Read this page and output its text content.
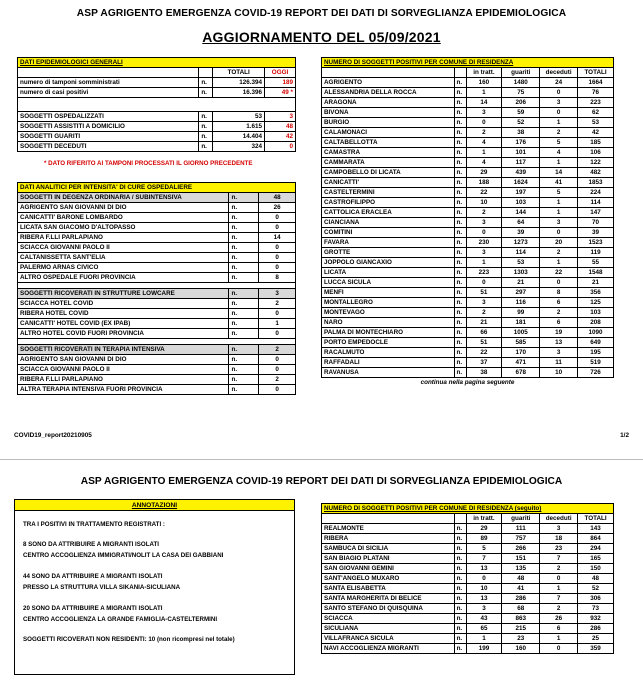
ASP AGRIGENTO EMERGENZA COVID-19 REPORT DEI DATI DI SORVEGLIANZA EPIDEMIOLOGICA
AGGIORNAMENTO DEL 05/09/2021
DATI EPIDEMIOLOGICI GENERALI			
		TOTALI	OGGI
numero di tamponi somministrati	n.	126.394	189
numero di casi positivi	n.	16.396	49 *

SOGGETTI OSPEDALIZZATI	n.	53	3
SOGGETTI ASSISTITI A DOMICILIO	n.	1.615	48
SOGGETTI GUARITI	n.	14.404	42
SOGGETTI DECEDUTI	n.	324	0
* DATO RIFERITO AI TAMPONI PROCESSATI IL GIORNO PRECEDENTE
DATI ANALITICI PER INTENSITA' DI CURE OSPEDALIERE		
SOGGETTI IN DEGENZA ORDINARIA / SUBINTENSIVA	n.	48
AGRIGENTO SAN GIOVANNI DI DIO	n.	26
CANICATTI' BARONE LOMBARDO	n.	0
LICATA SAN GIACOMO D'ALTOPASSO	n.	0
RIBERA F.LLI PARLAPIANO	n.	14
SCIACCA GIOVANNI PAOLO II	n.	0
CALTANISSETTA SANT'ELIA	n.	0
PALERMO ARNAS CIVICO	n.	0
ALTRO OSPEDALE FUORI PROVINCIA	n.	8

SOGGETTI RICOVERATI IN STRUTTURE LOWCARE	n.	3
SCIACCA HOTEL COVID	n.	2
RIBERA HOTEL COVID	n.	0
CANICATTI' HOTEL COVID (EX IPAB)	n.	1
ALTRO HOTEL COVID FUORI PROVINCIA	n.	0

SOGGETTI RICOVERATI IN TERAPIA INTENSIVA	n.	2
AGRIGENTO SAN GIOVANNI DI DIO	n.	0
SCIACCA GIOVANNI PAOLO II	n.	0
RIBERA F.LLI PARLAPIANO	n.	2
ALTRA TERAPIA INTENSIVA FUORI PROVINCIA	n.	0
NUMERO DI SOGGETTI POSITIVI PER COMUNE DI RESIDENZA					
		in tratt.	guariti	deceduti	TOTALI
AGRIGENTO	n.	160	1480	24	1664
ALESSANDRIA DELLA ROCCA	n.	1	75	0	76
ARAGONA	n.	14	206	3	223
BIVONA	n.	3	59	0	62
BURGIO	n.	0	52	1	53
CALAMONACI	n.	2	38	2	42
CALTABELLOTTA	n.	4	176	5	185
CAMASTRA	n.	1	101	4	106
CAMMARATA	n.	4	117	1	122
CAMPOBELLO DI LICATA	n.	29	439	14	482
CANICATTI'	n.	188	1624	41	1853
CASTELTERMINI	n.	22	197	5	224
CASTROFILIPPO	n.	10	103	1	114
CATTOLICA ERACLEA	n.	2	144	1	147
CIANCIANA	n.	3	64	3	70
COMITINI	n.	0	39	0	39
FAVARA	n.	230	1273	20	1523
GROTTE	n.	3	114	2	119
JOPPOLO GIANCAXIO	n.	1	53	1	55
LICATA	n.	223	1303	22	1548
LUCCA SICULA	n.	0	21	0	21
MENFI	n.	51	297	8	356
MONTALLEGRO	n.	3	116	6	125
MONTEVAGO	n.	2	99	2	103
NARO	n.	21	181	6	208
PALMA DI MONTECHIARO	n.	66	1005	19	1090
PORTO EMPEDOCLE	n.	51	585	13	649
RACALMUTO	n.	22	170	3	195
RAFFADALI	n.	37	471	11	519
RAVANUSA	n.	38	678	10	726
continua nella pagina seguente					
COVID19_report20210905	1/2
ASP AGRIGENTO EMERGENZA COVID-19 REPORT DEI DATI DI SORVEGLIANZA EPIDEMIOLOGICA
ANNOTAZIONI
TRA I POSITIVI IN TRATTAMENTO REGISTRATI :
8 SONO DA ATTRIBUIRE A MIGRANTI ISOLATI
CENTRO ACCOGLIENZA IMMIGRATI/NOLIT LA CASA DEI GABBIANI
44 SONO DA ATTRIBUIRE A MIGRANTI ISOLATI
PRESSO LA STRUTTURA VILLA SIKANIA-SICULIANA
20 SONO DA ATTRIBUIRE A MIGRANTI ISOLATI
CENTRO ACCOGLIENZA LA GRANDE FAMIGLIA-CASTELTERMINI
SOGGETTI RICOVERATI NON RESIDENTI: 10 (non ricompresi nel totale)
NUMERO DI SOGGETTI POSITIVI PER COMUNE DI RESIDENZA (seguito)					
		in tratt.	guariti	deceduti	TOTALI
REALMONTE	n.	29	111	3	143
RIBERA	n.	89	757	18	864
SAMBUCA DI SICILIA	n.	5	266	23	294
SAN BIAGIO PLATANI	n.	7	151	7	165
SAN GIOVANNI GEMINI	n.	13	135	2	150
SANT'ANGELO MUXARO	n.	0	48	0	48
SANTA ELISABETTA	n.	10	41	1	52
SANTA MARGHERITA DI BELICE	n.	13	286	7	306
SANTO STEFANO DI QUISQUINA	n.	3	68	2	73
SCIACCA	n.	43	863	26	932
SICULIANA	n.	65	215	6	286
VILLAFRANCA SICULA	n.	1	23	1	25
NAVI ACCOGLIENZA MIGRANTI	n.	199	160	0	359
